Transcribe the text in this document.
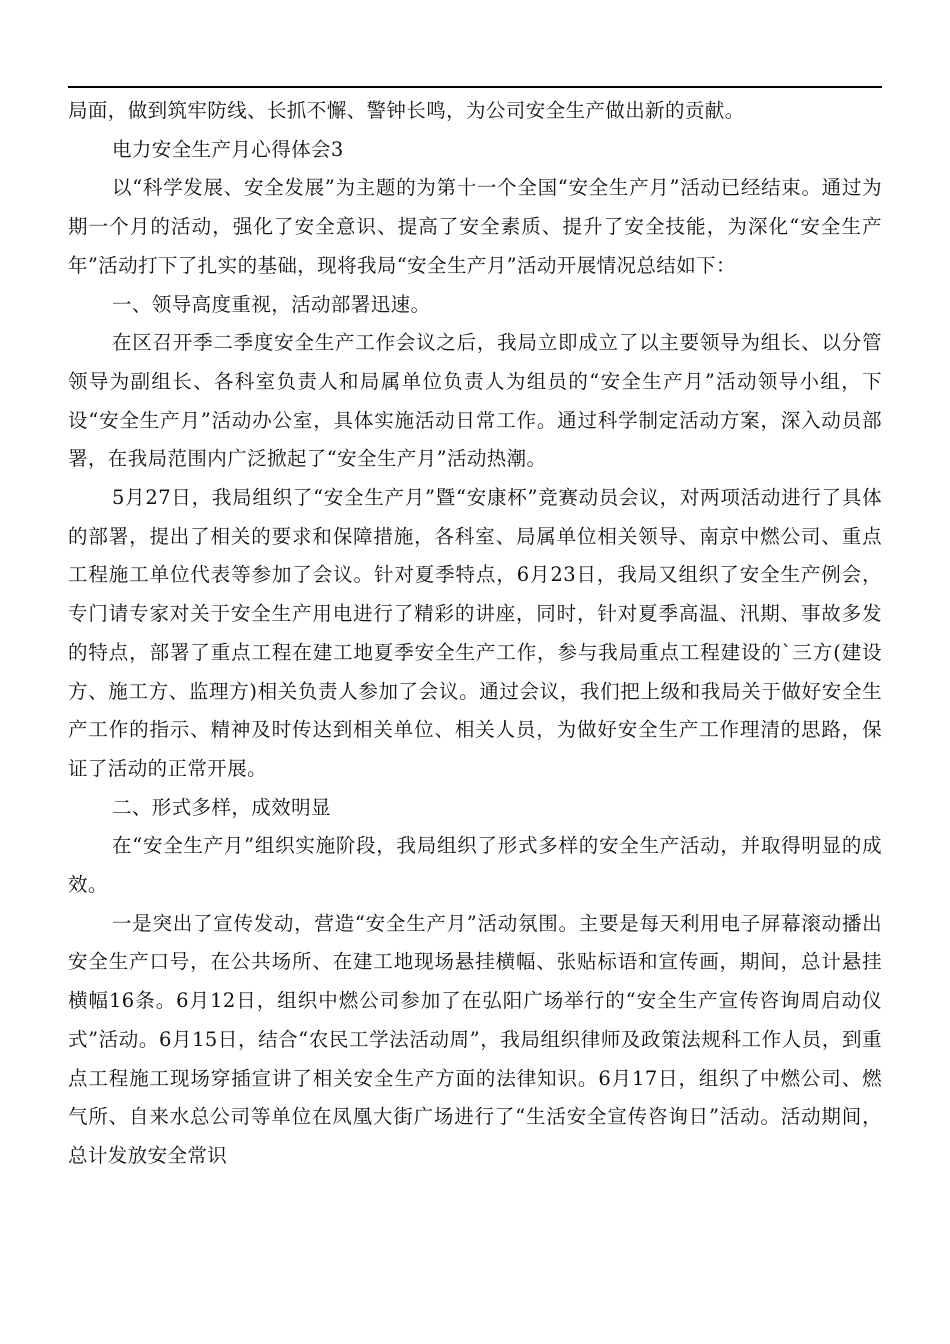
局面，做到筑牢防线、长抓不懈、警钟长鸣，为公司安全生产做出新的贡献。

电力安全生产月心得体会3

以“科学发展、安全发展”为主题的为第十一个全国“安全生产月”活动已经结束。通过为期一个月的活动，强化了安全意识、提高了安全素质、提升了安全技能，为深化“安全生产年”活动打下了扎实的基础，现将我局“安全生产月”活动开展情况总结如下：

一、领导高度重视，活动部署迅速。

在区召开季二季度安全生产工作会议之后，我局立即成立了以主要领导为组长、以分管领导为副组长、各科室负责人和局属单位负责人为组员的“安全生产月”活动领导小组，下设“安全生产月”活动办公室，具体实施活动日常工作。通过科学制定活动方案，深入动员部署，在我局范围内广泛掀起了“安全生产月”活动热潮。

5月27日，我局组织了“安全生产月”暨“安康杯”竞赛动员会议，对两项活动进行了具体的部署，提出了相关的要求和保障措施，各科室、局属单位相关领导、南京中燃公司、重点工程施工单位代表等参加了会议。针对夏季特点，6月23日，我局又组织了安全生产例会，专门请专家对关于安全生产用电进行了精彩的讲座，同时，针对夏季高温、汛期、事故多发的特点，部署了重点工程在建工地夏季安全生产工作，参与我局重点工程建设的`三方(建设方、施工方、监理方)相关负责人参加了会议。通过会议，我们把上级和我局关于做好安全生产工作的指示、精神及时传达到相关单位、相关人员，为做好安全生产工作理清的思路，保证了活动的正常开展。

二、形式多样，成效明显

在“安全生产月”组织实施阶段，我局组织了形式多样的安全生产活动，并取得明显的成效。

一是突出了宣传发动，营造“安全生产月”活动氛围。主要是每天利用电子屏幕滚动播出安全生产口号，在公共场所、在建工地现场悬挂横幅、张贴标语和宣传画，期间，总计悬挂横幅16条。6月12日，组织中燃公司参加了在弘阳广场举行的“安全生产宣传咨询周启动仪式”活动。6月15日，结合“农民工学法活动周”，我局组织律师及政策法规科工作人员，到重点工程施工现场穿插宣讲了相关安全生产方面的法律知识。6月17日，组织了中燃公司、燃气所、自来水总公司等单位在凤凰大街广场进行了“生活安全宣传咨询日”活动。活动期间，总计发放安全常识
